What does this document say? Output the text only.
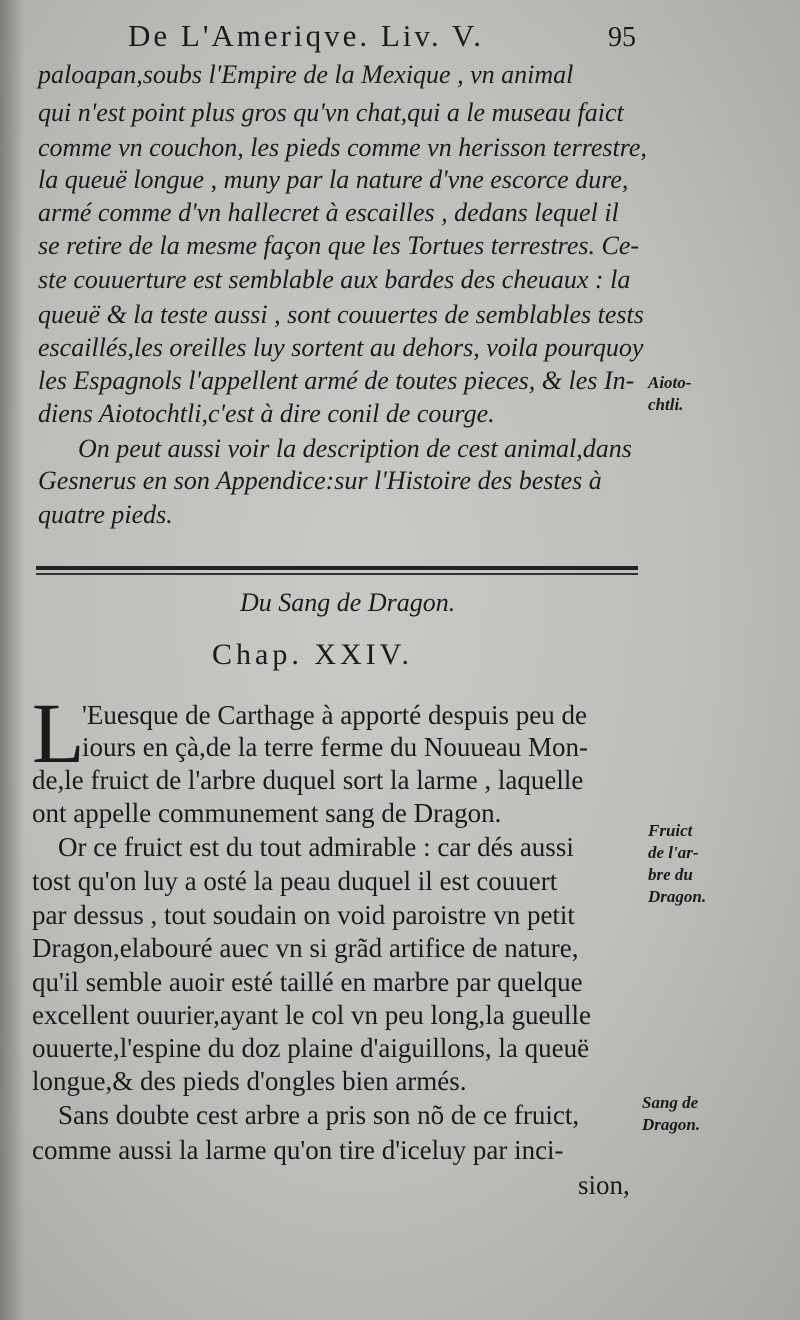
De L'Ameriqve. Liv. V.	95
paloapan,soubs l'Empire de la Mexique , vn animal
qui n'est point plus gros qu'vn chat,qui a le museau faict
comme vn couchon, les pieds comme vn herisson terrestre,
la queuë longue , muny par la nature d'vne escorce dure,
armé comme d'vn hallecret à escailles , dedans lequel il
se retire de la mesme façon que les Tortues terrestres. Ce-
ste couuerture est semblable aux bardes des cheuaux : la
queuë & la teste aussi , sont couuertes de semblables tests
escaillés,les oreilles luy sortent au dehors, voila pourquoy
les Espagnols l'appellent armé de toutes pieces, & les In-
diens Aiotochtli,c'est à dire conil de courge.
On peut aussi voir la description de cest animal,dans
Gesnerus en son Appendice:sur l'Histoire des bestes à
quatre pieds.
Aioto-
chtli.
Du Sang de Dragon.
Chap. XXIV.
L
'Euesque de Carthage à apporté despuis peu de
iours en çà,de la terre ferme du Nouueau Mon-
de,le fruict de l'arbre duquel sort la larme , laquelle
ont appelle communement sang de Dragon.
Or ce fruict est du tout admirable : car dés aussi
tost qu'on luy a osté la peau duquel il est couuert
par dessus , tout soudain on void paroistre vn petit
Dragon,elabouré auec vn si grãd artifice de nature,
qu'il semble auoir esté taillé en marbre par quelque
excellent ouurier,ayant le col vn peu long,la gueulle
ouuerte,l'espine du doz plaine d'aiguillons, la queuë
longue,& des pieds d'ongles bien armés.
Sans doubte cest arbre a pris son nõ de ce fruict,
comme aussi la larme qu'on tire d'iceluy par inci-
sion,
Fruict
de l'ar-
bre du
Dragon.
Sang de
Dragon.
